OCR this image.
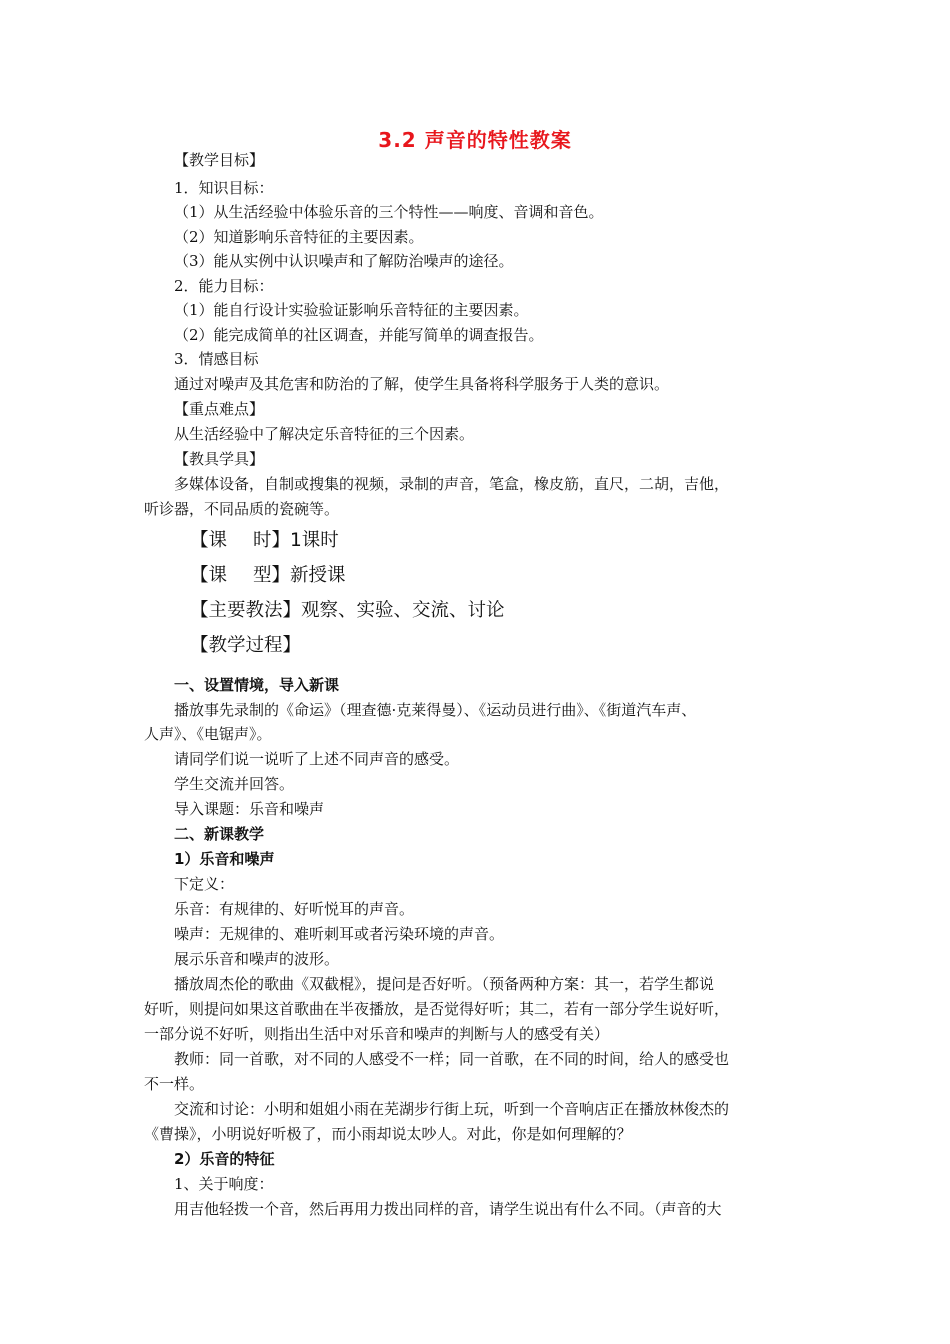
3.2 声音的特性教案
【教学目标】
1．知识目标：
（1）从生活经验中体验乐音的三个特性——响度、音调和音色。
（2）知道影响乐音特征的主要因素。
（3）能从实例中认识噪声和了解防治噪声的途径。
2．能力目标：
（1）能自行设计实验验证影响乐音特征的主要因素。
（2）能完成简单的社区调查，并能写简单的调查报告。
3．情感目标
通过对噪声及其危害和防治的了解，使学生具备将科学服务于人类的意识。
【重点难点】
从生活经验中了解决定乐音特征的三个因素。
【教具学具】
多媒体设备，自制或搜集的视频，录制的声音，笔盒，橡皮筋，直尺，二胡，吉他，
听诊器，不同品质的瓷碗等。
【课 时】1课时
【课 型】新授课
【主要教法】观察、实验、交流、讨论
【教学过程】
一、设置情境，导入新课
播放事先录制的《命运》（理查德·克莱得曼）、《运动员进行曲》、《街道汽车声、
人声》、《电锯声》。
请同学们说一说听了上述不同声音的感受。
学生交流并回答。
导入课题：乐音和噪声
二、新课教学
1）乐音和噪声
下定义：
乐音：有规律的、好听悦耳的声音。
噪声：无规律的、难听刺耳或者污染环境的声音。
展示乐音和噪声的波形。
播放周杰伦的歌曲《双截棍》，提问是否好听。（预备两种方案：其一，若学生都说
好听，则提问如果这首歌曲在半夜播放，是否觉得好听；其二，若有一部分学生说好听，
一部分说不好听，则指出生活中对乐音和噪声的判断与人的感受有关）
教师：同一首歌，对不同的人感受不一样；同一首歌，在不同的时间，给人的感受也
不一样。
交流和讨论：小明和姐姐小雨在芜湖步行街上玩，听到一个音响店正在播放林俊杰的
《曹操》，小明说好听极了，而小雨却说太吵人。对此，你是如何理解的？
2）乐音的特征
1、关于响度：
用吉他轻拨一个音，然后再用力拨出同样的音，请学生说出有什么不同。（声音的大
